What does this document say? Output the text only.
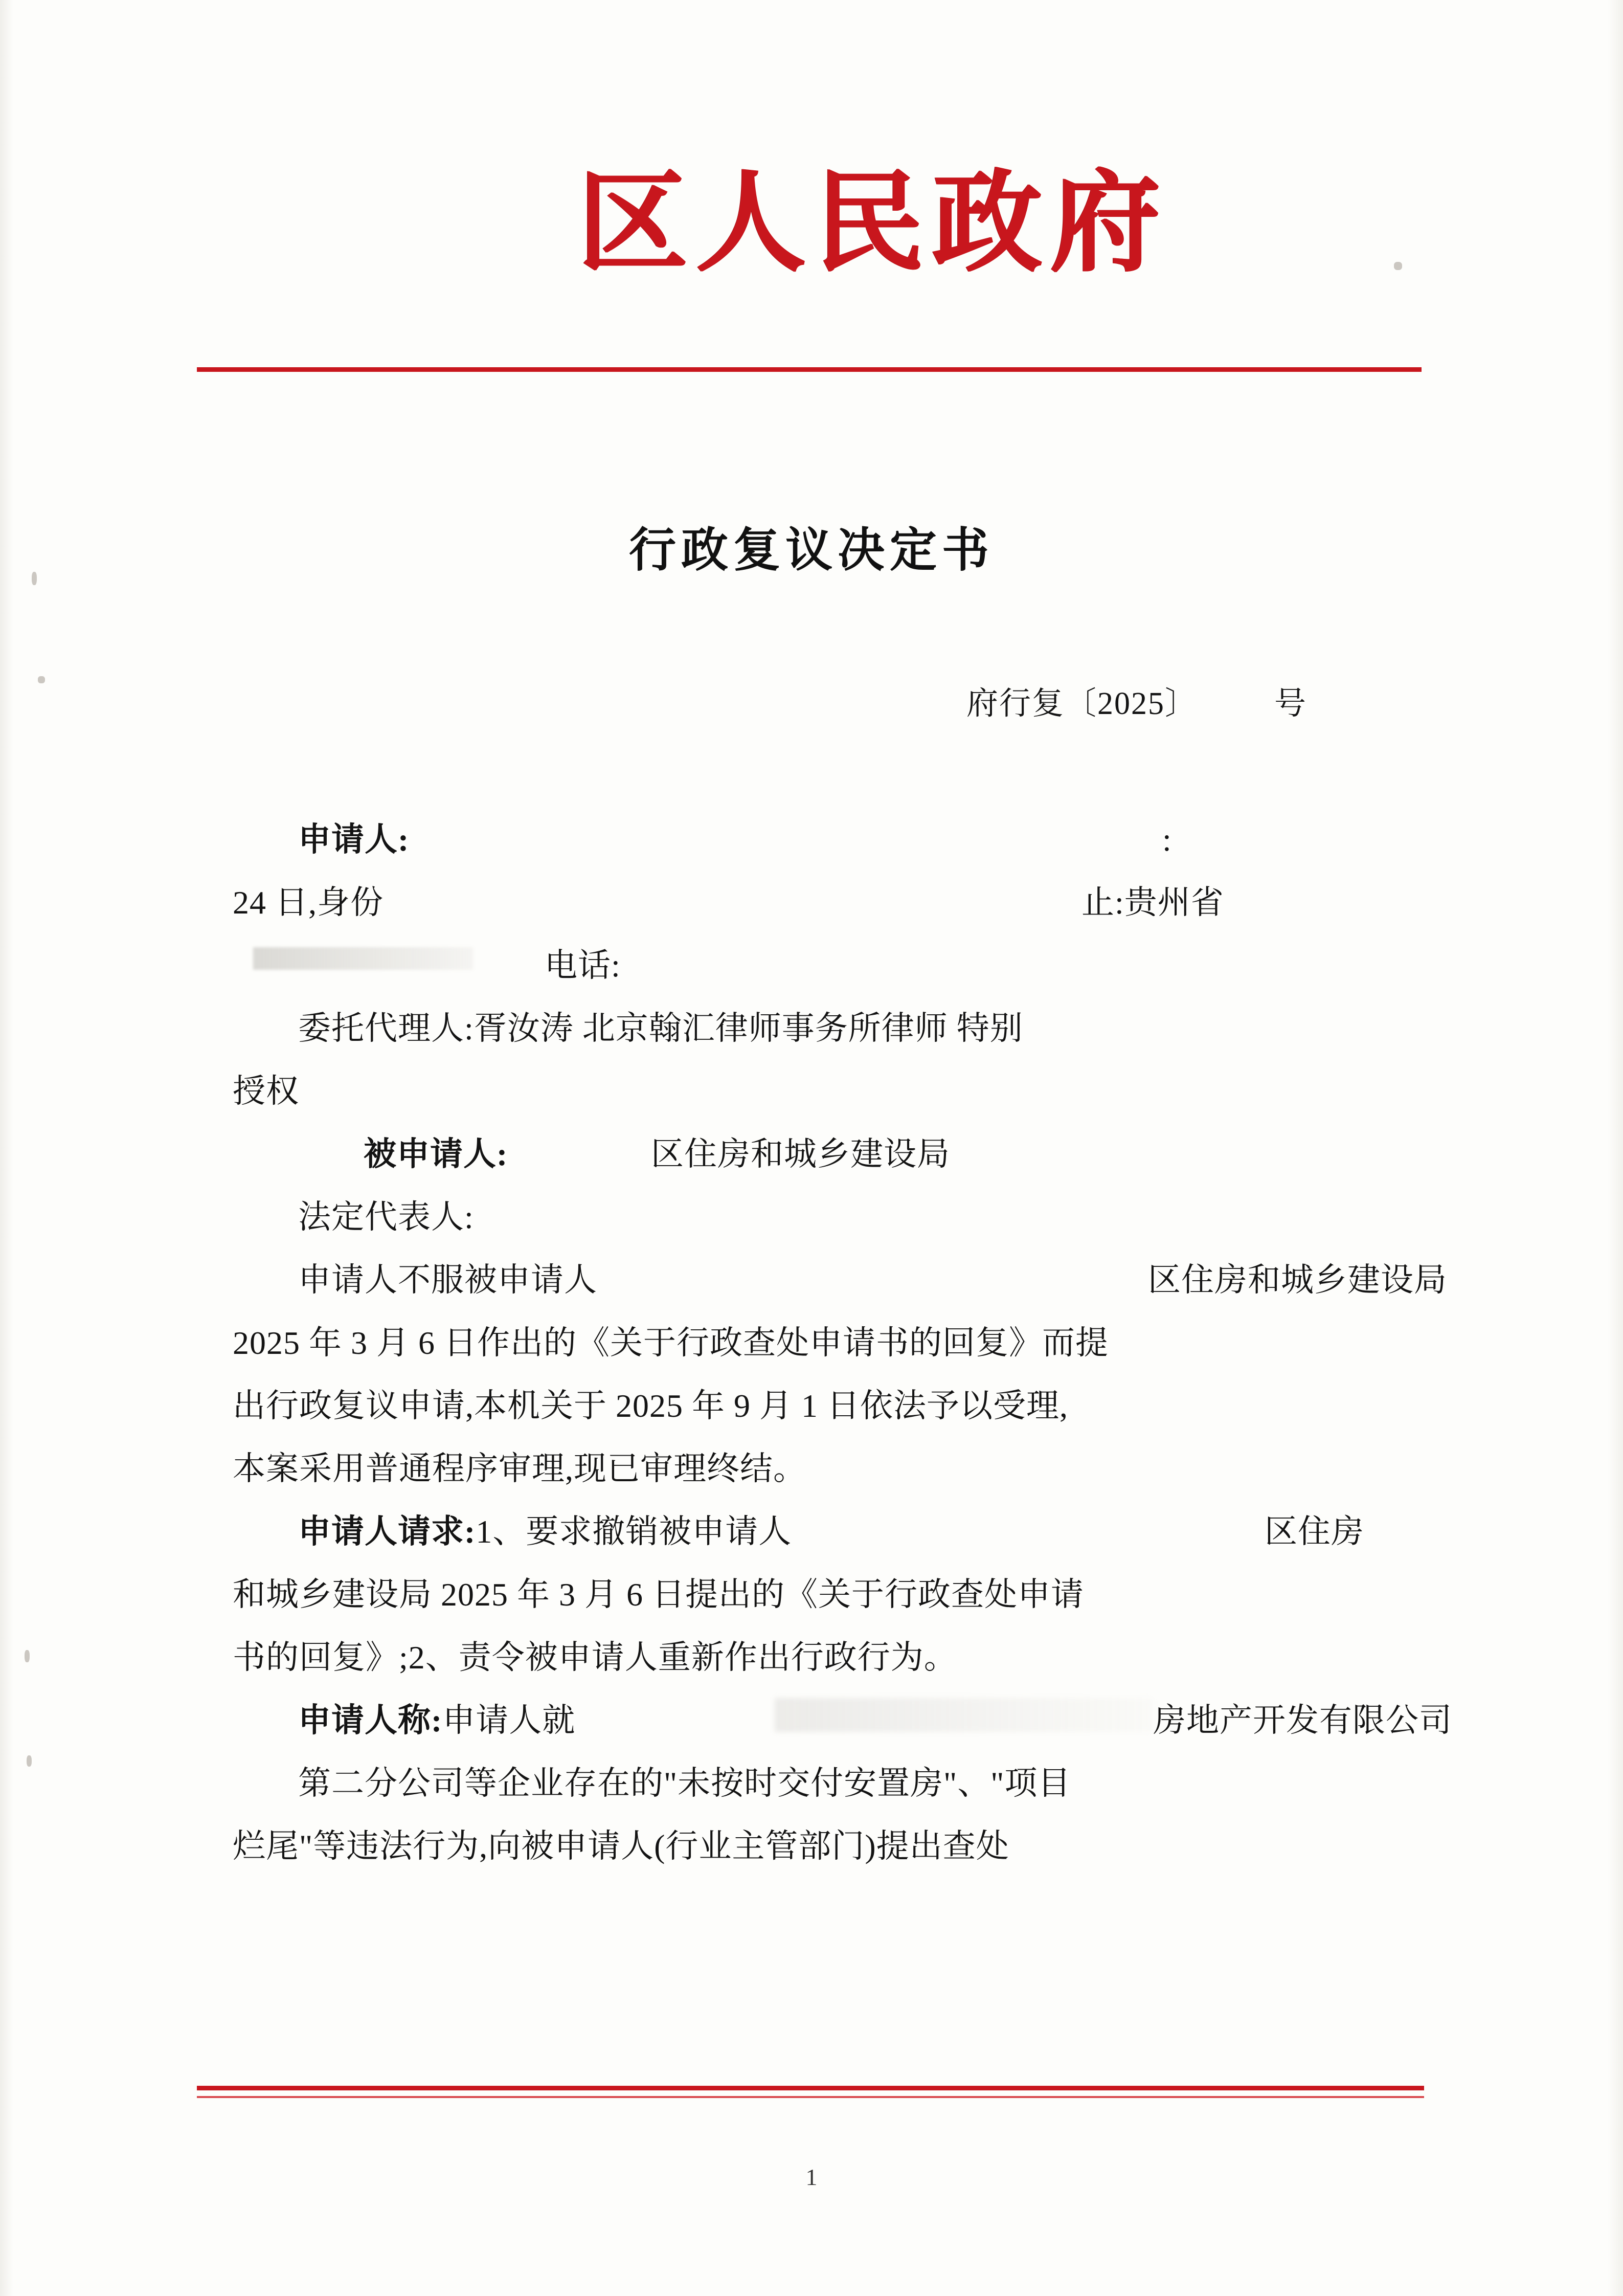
区人民政府
行政复议决定书
府行复〔2025〕 号
申请人:	:
24 日,身份	止:贵州省
电话:
委托代理人:胥汝涛 北京翰汇律师事务所律师 特别
授权
被申请人:	区住房和城乡建设局
法定代表人:
申请人不服被申请人	区住房和城乡建设局
2025 年 3 月 6 日作出的《关于行政查处申请书的回复》而提
出行政复议申请,本机关于 2025 年 9 月 1 日依法予以受理,
本案采用普通程序审理,现已审理终结。
申请人请求:1、要求撤销被申请人	区住房
和城乡建设局 2025 年 3 月 6 日提出的《关于行政查处申请
书的回复》;2、责令被申请人重新作出行政行为。
申请人称:申请人就	房地产开发有限公司
第二分公司等企业存在的"未按时交付安置房"、"项目
烂尾"等违法行为,向被申请人(行业主管部门)提出查处
1
